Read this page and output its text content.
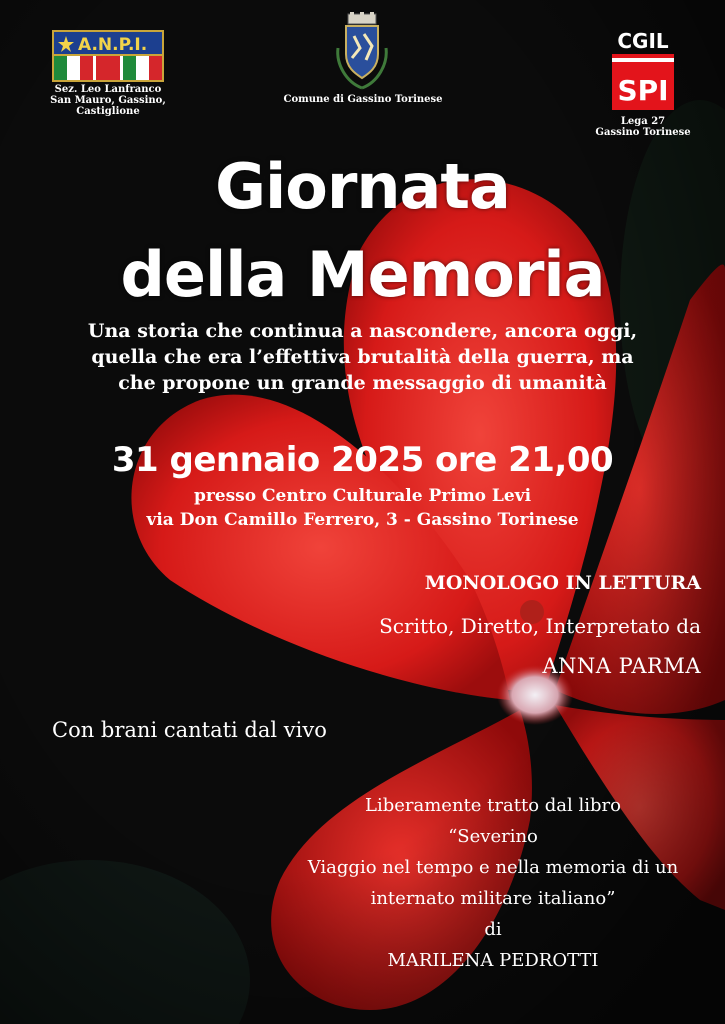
A.N.P.I.
Sez. Leo Lanfranco
San Mauro, Gassino,
Castiglione
Comune di Gassino Torinese
CGIL
SPI
Lega 27
Gassino Torinese
Giornata
della Memoria
Una storia che continua a nascondere, ancora oggi,
quella che era l’effettiva brutalità della guerra, ma
che propone un grande messaggio di umanità
31 gennaio 2025 ore 21,00
presso Centro Culturale Primo Levi
via Don Camillo Ferrero, 3 - Gassino Torinese
MONOLOGO IN LETTURA
Scritto, Diretto, Interpretato da
ANNA PARMA
Con brani cantati dal vivo
Liberamente tratto dal libro
“Severino
Viaggio nel tempo e nella memoria di un
internato militare italiano”
di
MARILENA PEDROTTI
